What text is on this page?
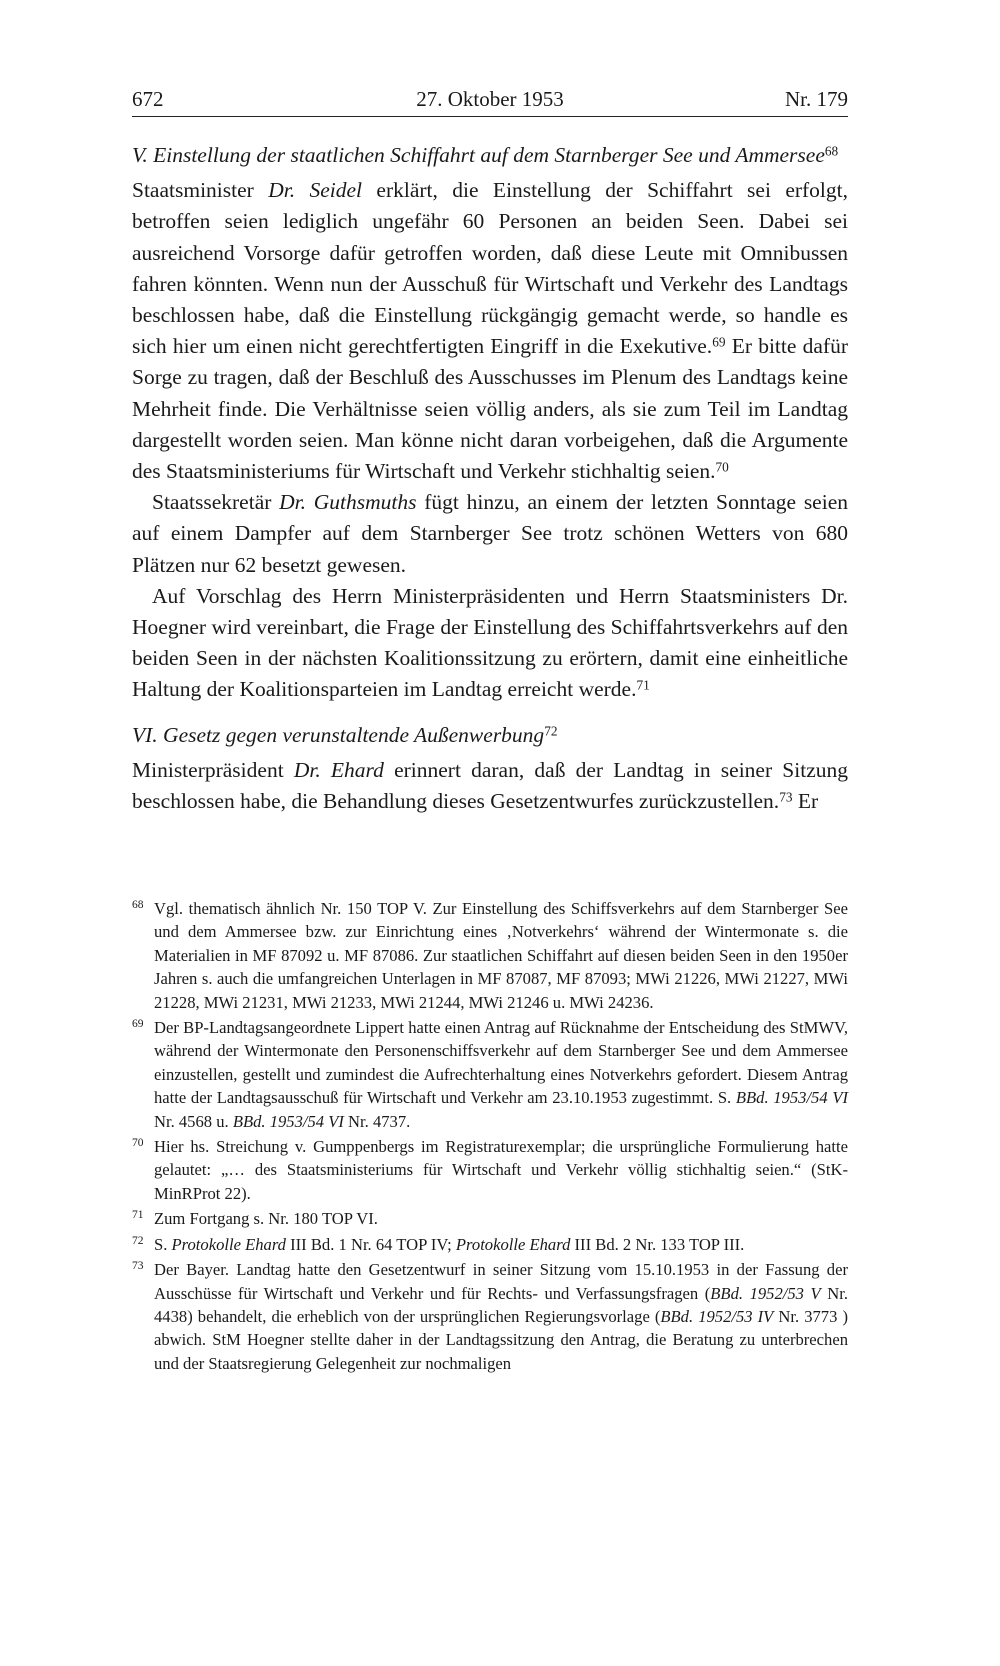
672	27. Oktober 1953	Nr. 179

V. Einstellung der staatlichen Schiffahrt auf dem Starnberger See und Ammersee$^{68}$

Staatsminister Dr. Seidel erklärt, die Einstellung der Schiffahrt sei erfolgt, betroffen seien lediglich ungefähr 60 Personen an beiden Seen. Dabei sei ausreichend Vorsorge dafür getroffen worden, daß diese Leute mit Omnibussen fahren könnten. Wenn nun der Ausschuß für Wirtschaft und Verkehr des Landtags beschlossen habe, daß die Einstellung rückgängig gemacht werde, so handle es sich hier um einen nicht gerechtfertigten Eingriff in die Exekutive.$^{69}$ Er bitte dafür Sorge zu tragen, daß der Beschluß des Ausschusses im Plenum des Landtags keine Mehrheit finde. Die Verhältnisse seien völlig anders, als sie zum Teil im Landtag dargestellt worden seien. Man könne nicht daran vorbeigehen, daß die Argumente des Staatsministeriums für Wirtschaft und Verkehr stichhaltig seien.$^{70}$

Staatssekretär Dr. Guthsmuths fügt hinzu, an einem der letzten Sonntage seien auf einem Dampfer auf dem Starnberger See trotz schönen Wetters von 680 Plätzen nur 62 besetzt gewesen.

Auf Vorschlag des Herrn Ministerpräsidenten und Herrn Staatsministers Dr. Hoegner wird vereinbart, die Frage der Einstellung des Schiffahrtsverkehrs auf den beiden Seen in der nächsten Koalitionssitzung zu erörtern, damit eine einheitliche Haltung der Koalitionsparteien im Landtag erreicht werde.$^{71}$

VI. Gesetz gegen verunstaltende Außenwerbung$^{72}$

Ministerpräsident Dr. Ehard erinnert daran, daß der Landtag in seiner Sitzung beschlossen habe, die Behandlung dieses Gesetzentwurfes zurückzustellen.$^{73}$ Er

68 Vgl. thematisch ähnlich Nr. 150 TOP V. Zur Einstellung des Schiffsverkehrs auf dem Starnberger See und dem Ammersee bzw. zur Einrichtung eines ‚Notverkehrs‘ während der Wintermonate s. die Materialien in MF 87092 u. MF 87086. Zur staatlichen Schiffahrt auf diesen beiden Seen in den 1950er Jahren s. auch die umfangreichen Unterlagen in MF 87087, MF 87093; MWi 21226, MWi 21227, MWi 21228, MWi 21231, MWi 21233, MWi 21244, MWi 21246 u. MWi 24236.
69 Der BP-Landtagsangeordnete Lippert hatte einen Antrag auf Rücknahme der Entscheidung des StMWV, während der Wintermonate den Personenschiffsverkehr auf dem Starnberger See und dem Ammersee einzustellen, gestellt und zumindest die Aufrechterhaltung eines Notverkehrs gefordert. Diesem Antrag hatte der Landtagsausschuß für Wirtschaft und Verkehr am 23.10.1953 zugestimmt. S. BBd. 1953/54 VI Nr. 4568 u. BBd. 1953/54 VI Nr. 4737.
70 Hier hs. Streichung v. Gumppenbergs im Registraturexemplar; die ursprüngliche Formulierung hatte gelautet: „… des Staatsministeriums für Wirtschaft und Verkehr völlig stichhaltig seien.“ (StK-MinRProt 22).
71 Zum Fortgang s. Nr. 180 TOP VI.
72 S. Protokolle Ehard III Bd. 1 Nr. 64 TOP IV; Protokolle Ehard III Bd. 2 Nr. 133 TOP III.
73 Der Bayer. Landtag hatte den Gesetzentwurf in seiner Sitzung vom 15.10.1953 in der Fassung der Ausschüsse für Wirtschaft und Verkehr und für Rechts- und Verfassungsfragen (BBd. 1952/53 V Nr. 4438) behandelt, die erheblich von der ursprünglichen Regierungsvorlage (BBd. 1952/53 IV Nr. 3773 ) abwich. StM Hoegner stellte daher in der Landtagssitzung den Antrag, die Beratung zu unterbrechen und der Staatsregierung Gelegenheit zur nochmaligen
